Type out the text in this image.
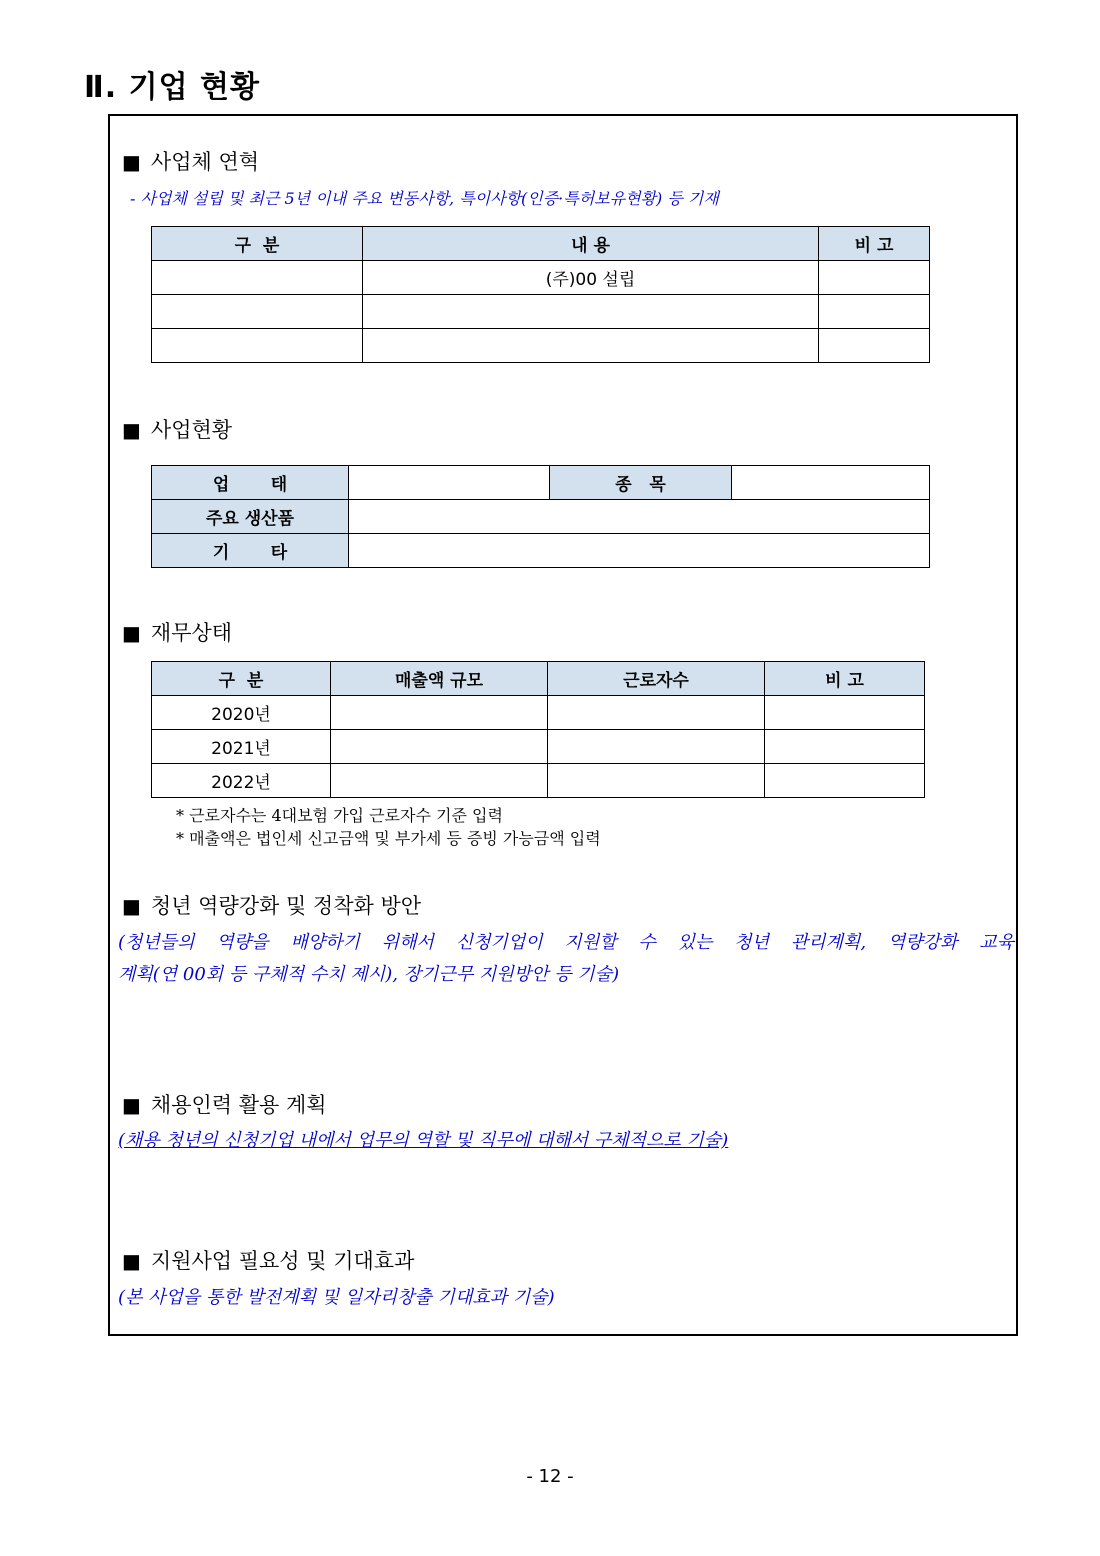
Ⅱ. 기업 현황
■ 사업체 연혁
- 사업체 설립 및 최근 5년 이내 주요 변동사항, 특이사항(인증·특허보유현황) 등 기재
구  분	내 용	비 고
	(주)00 설립	

■ 사업현황
업       태		종   목	
주요 생산품			
기       타			
■ 재무상태
구  분	매출액 규모	근로자수	비 고
2020년			
2021년			
2022년			
* 근로자수는 4대보험 가입 근로자수 기준 입력
* 매출액은 법인세 신고금액 및 부가세 등 증빙 가능금액 입력
■ 청년 역량강화 및 정착화 방안
(청년들의 역량을 배양하기 위해서 신청기업이 지원할 수 있는 청년 관리계획, 역량강화 교육
계획(연 00회 등 구체적 수치 제시), 장기근무 지원방안 등 기술)
■ 채용인력 활용 계획
(채용 청년의 신청기업 내에서 업무의 역할 및 직무에 대해서 구체적으로 기술)
■ 지원사업 필요성 및 기대효과
(본 사업을 통한 발전계획 및 일자리창출 기대효과 기술)
- 12 -
